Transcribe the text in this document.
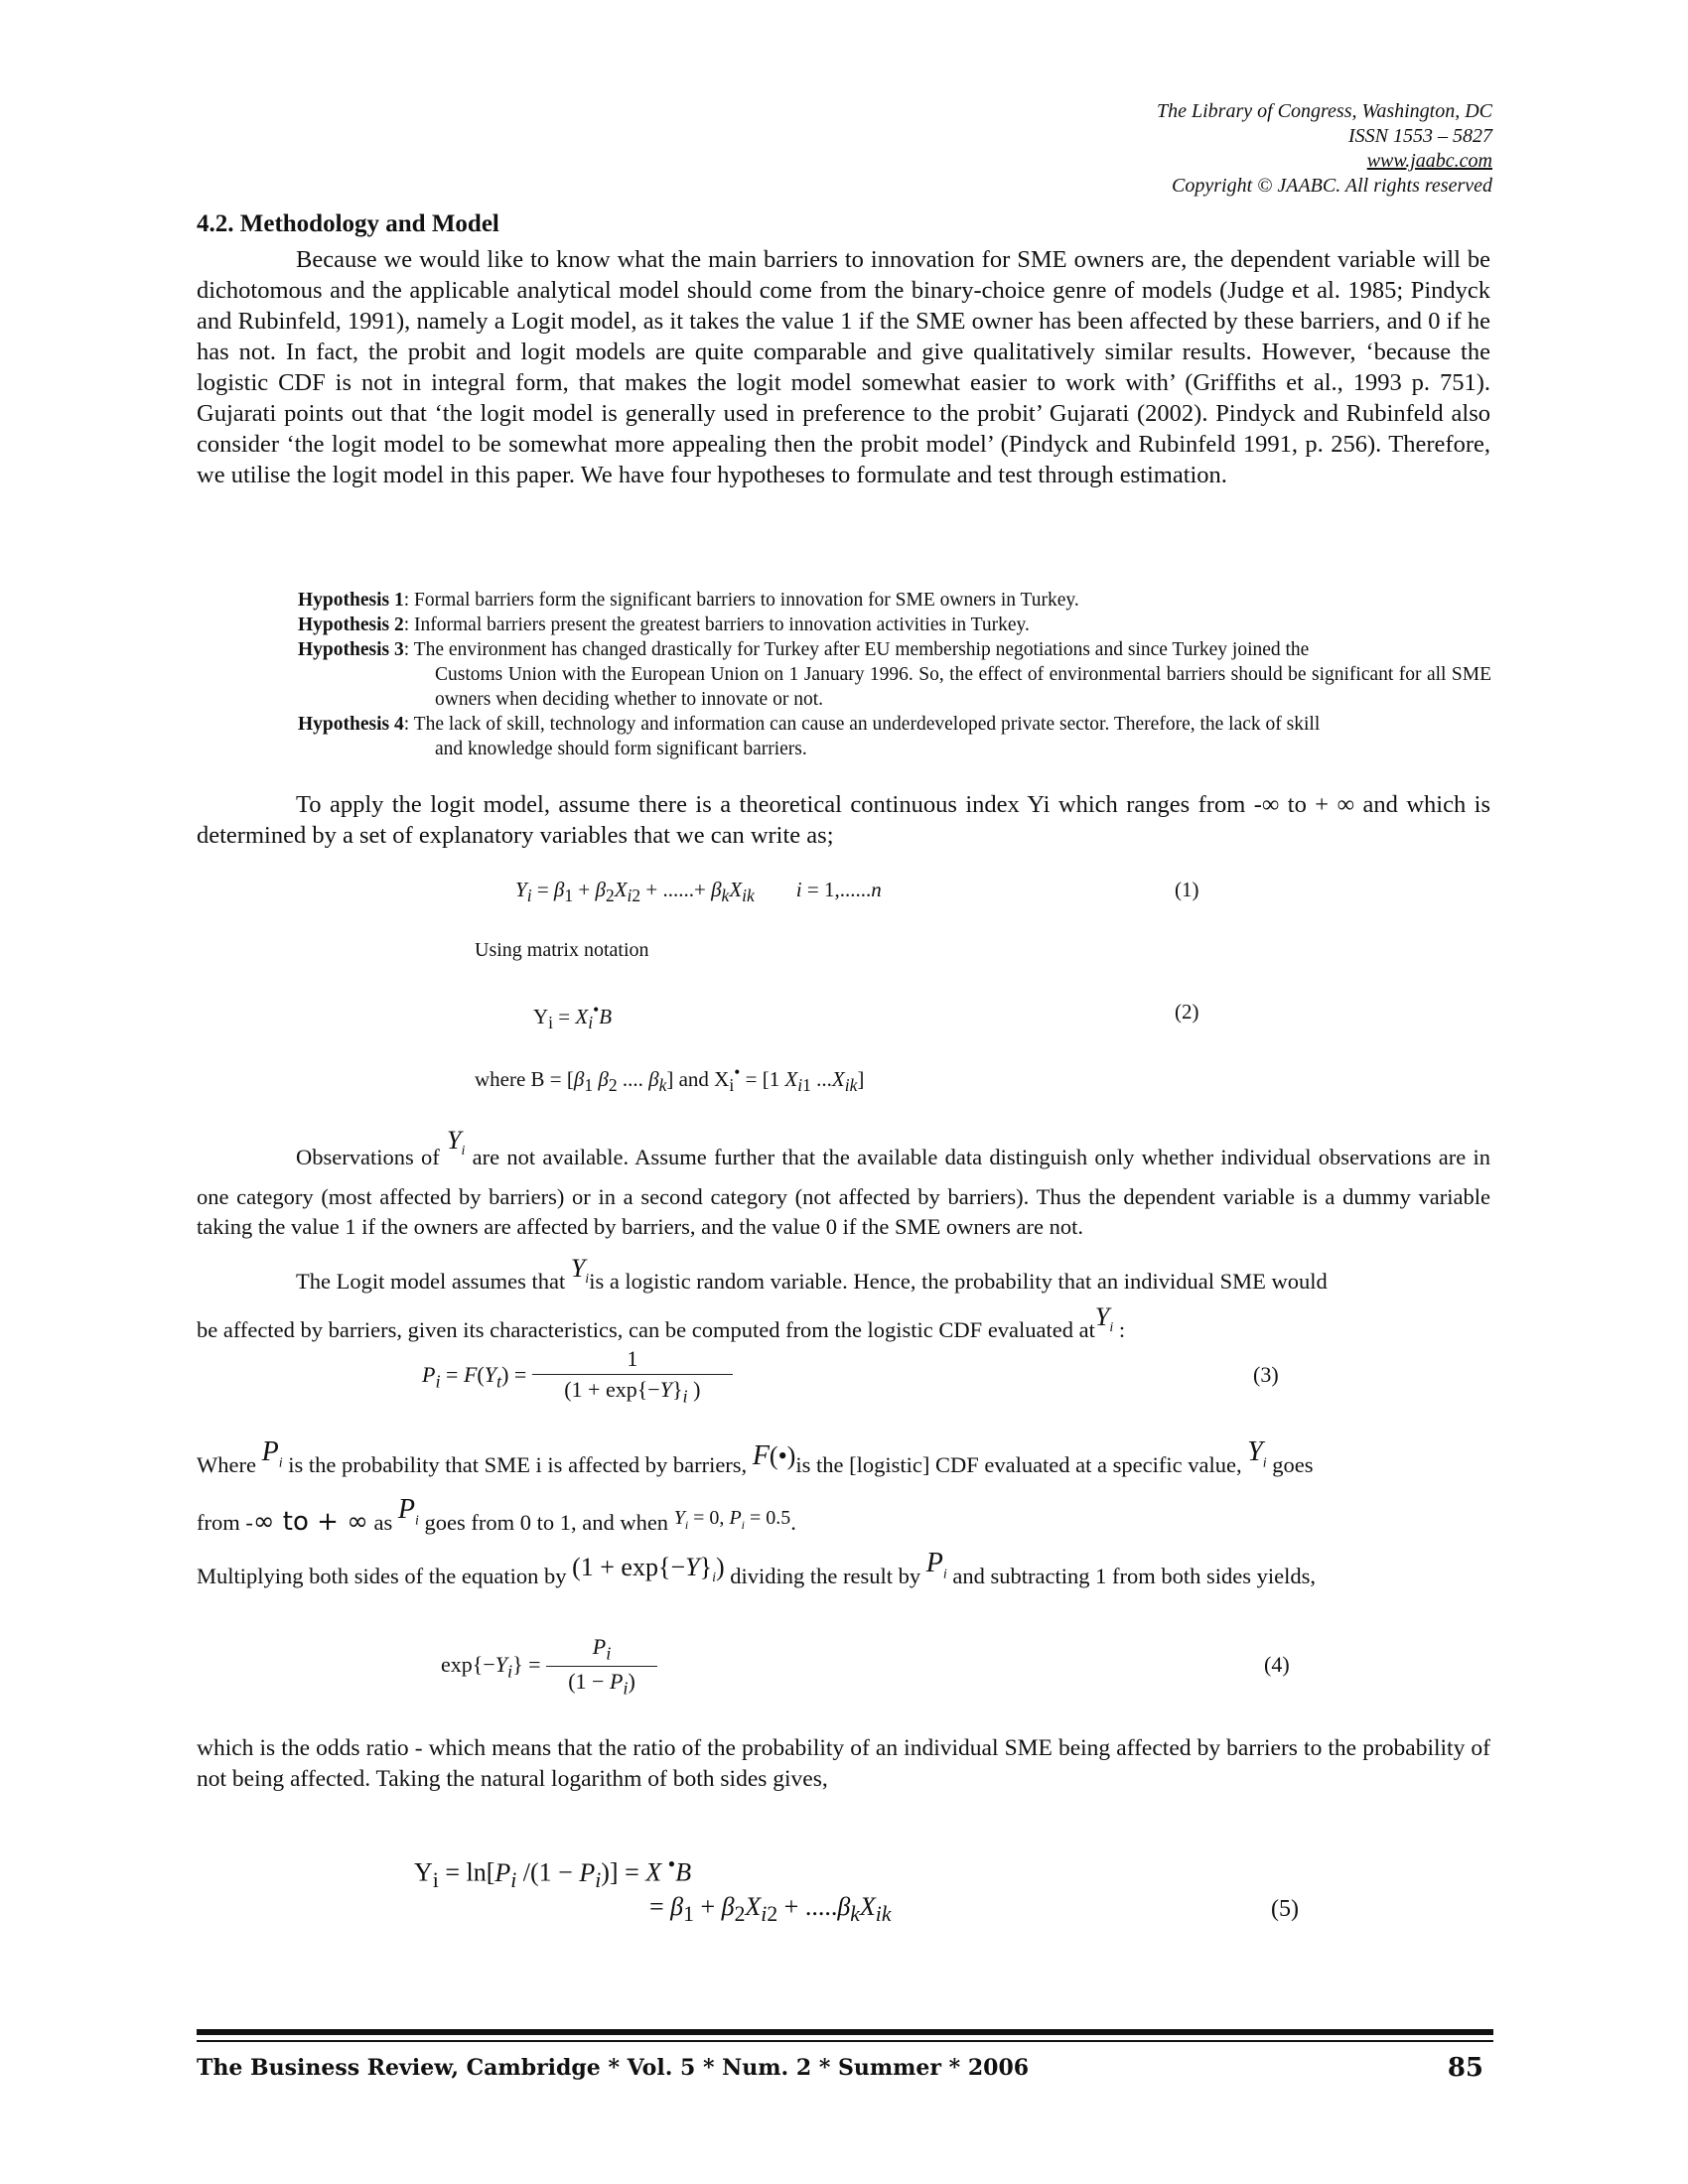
The Library of Congress, Washington, DC
ISSN 1553 – 5827
www.jaabc.com
Copyright © JAABC. All rights reserved
4.2. Methodology and Model
Because we would like to know what the main barriers to innovation for SME owners are, the dependent variable will be dichotomous and the applicable analytical model should come from the binary-choice genre of models (Judge et al. 1985; Pindyck and Rubinfeld, 1991), namely a Logit model, as it takes the value 1 if the SME owner has been affected by these barriers, and 0 if he has not. In fact, the probit and logit models are quite comparable and give qualitatively similar results. However, ‘because the logistic CDF is not in integral form, that makes the logit model somewhat easier to work with’ (Griffiths et al., 1993 p. 751). Gujarati points out that ‘the logit model is generally used in preference to the probit’ Gujarati (2002). Pindyck and Rubinfeld also consider ‘the logit model to be somewhat more appealing then the probit model’ (Pindyck and Rubinfeld 1991, p. 256). Therefore, we utilise the logit model in this paper. We have four hypotheses to formulate and test through estimation.
Hypothesis 1: Formal barriers form the significant barriers to innovation for SME owners in Turkey.
Hypothesis 2: Informal barriers present the greatest barriers to innovation activities in Turkey.
Hypothesis 3: The environment has changed drastically for Turkey after EU membership negotiations and since Turkey joined the
Customs Union with the European Union on 1 January 1996. So, the effect of environmental barriers should be significant for all SME owners when deciding whether to innovate or not.
Hypothesis 4: The lack of skill, technology and information can cause an underdeveloped private sector. Therefore, the lack of skill
and knowledge should form significant barriers.
To apply the logit model, assume there is a theoretical continuous index Yi which ranges from -∞ to + ∞ and which is determined by a set of explanatory variables that we can write as;
$Y_i = \beta_1 + \beta_2X_{i2}$ + ......+ $\beta_kX_{ik}$ i = 1,......n	(1)
Using matrix notation
$Y_i = X_i^•B$	(2)
where $B = [\beta_1$ $\beta_2$ .... $\beta_k$] and $X_i^• = [1$ $X_{i1}$ $...X_{ik}$]
Observations of $Y_i$ are not available. Assume further that the available data distinguish only whether individual observations are in one category (most affected by barriers) or in a second category (not affected by barriers). Thus the dependent variable is a dummy variable taking the value 1 if the owners are affected by barriers, and the value 0 if the SME owners are not.
The Logit model assumes that $Y_iis$ a logistic random variable. Hence, the probability that an individual SME would
be affected by barriers, given its characteristics, can be computed from the logistic CDF evaluated atY$_i$ :
$P_i = F(Y_t) = \frac{1}{(1 + \exp\{-Y\}_i )}$	(3)
Where $P_i$ is the probability that SME i is affected by barriers, F(•)is the [logistic] CDF evaluated at a specific value, $Y_i$ goes
from -∞ to + ∞ as $P_i$ goes from 0 to 1, and when $Y_i = 0$, $P_i = 0.5$.
Multiplying both sides of the equation by $(1 + \exp\{-Y\}_i)$ dividing the result by $P_i$ and subtracting 1 from both sides yields,
$\exp\{-Y_i\} = \frac{P_i}{(1 - P_i)}$	(4)
which is the odds ratio - which means that the ratio of the probability of an individual SME being affected by barriers to the probability of not being affected. Taking the natural logarithm of both sides gives,
$Y_i = \ln[P_i$ $/(1 - P_i)] = X$ •B
= $\beta_1 + \beta_2X_{i2} + .....\beta_kX_{ik}$	(5)
The Business Review, Cambridge * Vol. 5 * Num. 2 * Summer * 2006	85
